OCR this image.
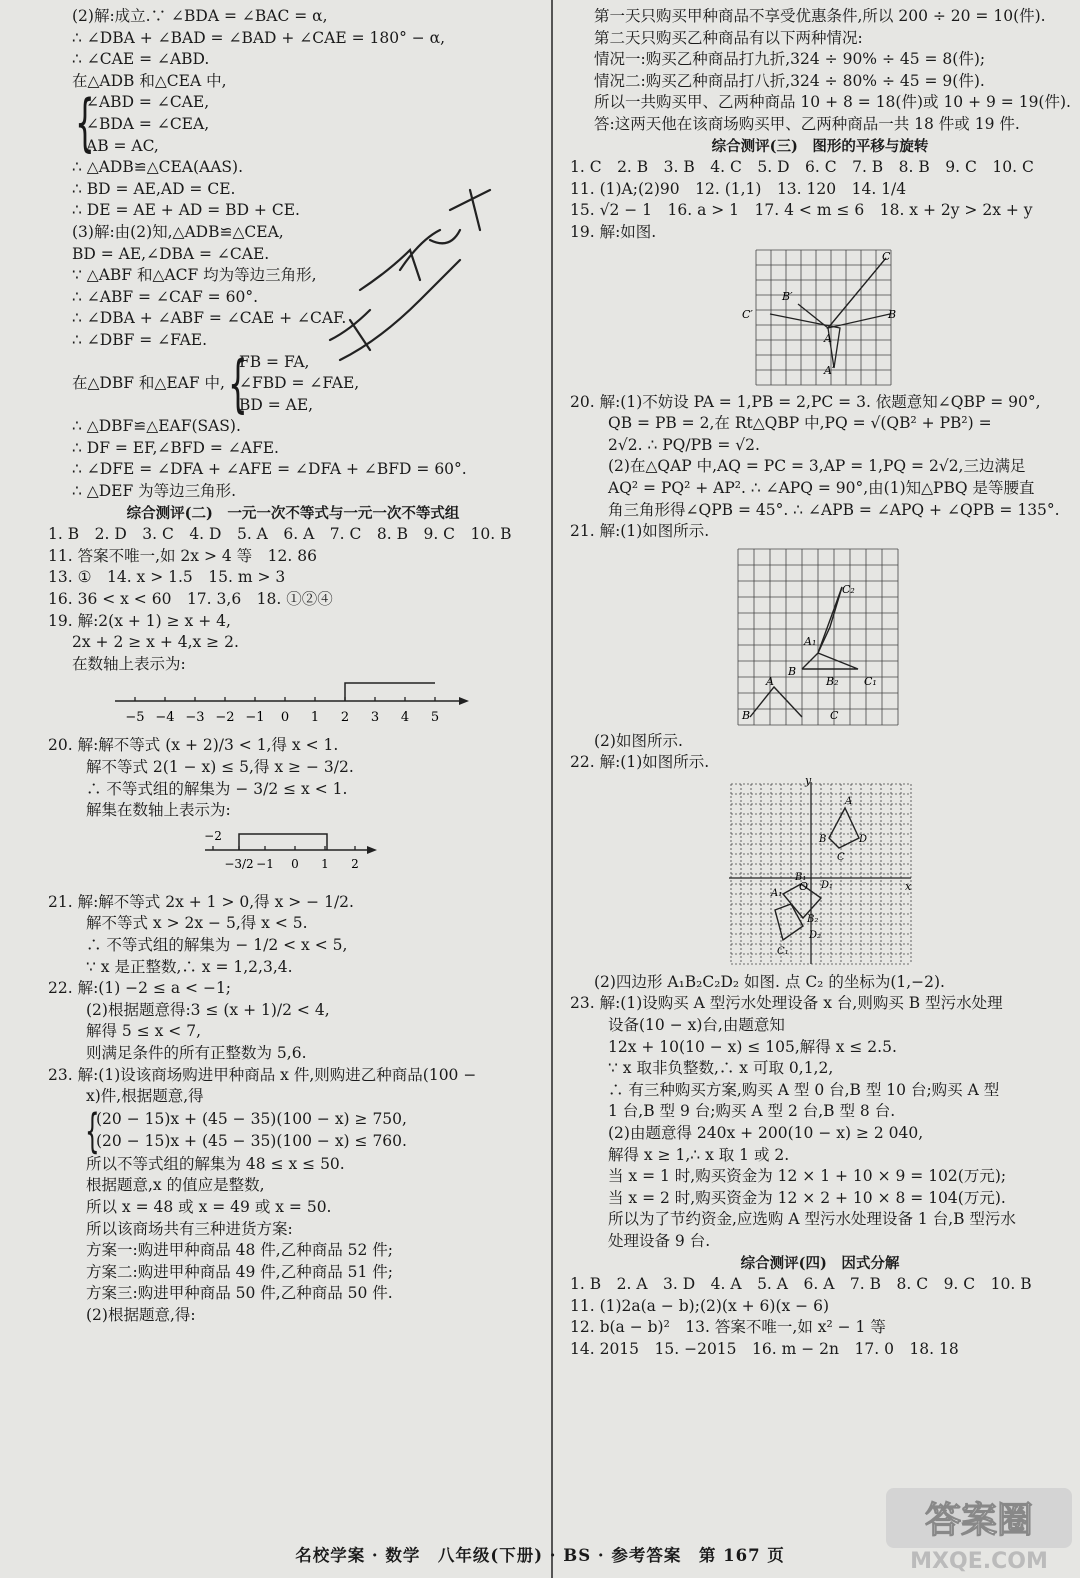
(2)解:成立.∵ ∠BDA = ∠BAC = α,
∴ ∠DBA + ∠BAD = ∠BAD + ∠CAE = 180° − α,
∴ ∠CAE = ∠ABD.
在△ADB 和△CEA 中,
{
∠ABD = ∠CAE,
∠BDA = ∠CEA,
AB = AC,
∴ △ADB≌△CEA(AAS).
∴ BD = AE,AD = CE.
∴ DE = AE + AD = BD + CE.
(3)解:由(2)知,△ADB≌△CEA,
BD = AE,∠DBA = ∠CAE.
∵ △ABF 和△ACF 均为等边三角形,
∴ ∠ABF = ∠CAF = 60°.
∴ ∠DBA + ∠ABF = ∠CAE + ∠CAF.
∴ ∠DBF = ∠FAE.
在△DBF 和△EAF 中, {
FB = FA,
∠FBD = ∠FAE,
BD = AE,
∴ △DBF≌△EAF(SAS).
∴ DF = EF,∠BFD = ∠AFE.
∴ ∠DFE = ∠DFA + ∠AFE = ∠DFA + ∠BFD = 60°.
∴ △DEF 为等边三角形.
综合测评(二)　一元一次不等式与一元一次不等式组
1. B　2. D　3. C　4. D　5. A　6. A　7. C　8. B　9. C　10. B
11. 答案不唯一,如 2x > 4 等　12. 86
13. ①　14. x > 1.5　15. m > 3
16. 36 < x < 60　17. 3,6　18. ①②④
19. 解:2(x + 1) ≥ x + 4,
2x + 2 ≥ x + 4,x ≥ 2.
在数轴上表示为:
−5 −4 −3 −2 −1 0 1 2 3 4 5
20. 解:解不等式 (x + 2)/3 < 1,得 x < 1.
解不等式 2(1 − x) ≤ 5,得 x ≥ − 3/2.
∴ 不等式组的解集为 − 3/2 ≤ x < 1.
解集在数轴上表示为:
−2
−3/2 −1 0 1 2
21. 解:解不等式 2x + 1 > 0,得 x > − 1/2.
解不等式 x > 2x − 5,得 x < 5.
∴ 不等式组的解集为 − 1/2 < x < 5,
∵ x 是正整数,∴ x = 1,2,3,4.
22. 解:(1) −2 ≤ a < −1;
(2)根据题意得:3 ≤ (x + 1)/2 < 4,
解得 5 ≤ x < 7,
则满足条件的所有正整数为 5,6.
23. 解:(1)设该商场购进甲种商品 x 件,则购进乙种商品(100 −
x)件,根据题意,得
{
(20 − 15)x + (45 − 35)(100 − x) ≥ 750,
(20 − 15)x + (45 − 35)(100 − x) ≤ 760.
所以不等式组的解集为 48 ≤ x ≤ 50.
根据题意,x 的值应是整数,
所以 x = 48 或 x = 49 或 x = 50.
所以该商场共有三种进货方案:
方案一:购进甲种商品 48 件,乙种商品 52 件;
方案二:购进甲种商品 49 件,乙种商品 51 件;
方案三:购进甲种商品 50 件,乙种商品 50 件.
(2)根据题意,得:
第一天只购买甲种商品不享受优惠条件,所以 200 ÷ 20 = 10(件).
第二天只购买乙种商品有以下两种情况:
情况一:购买乙种商品打九折,324 ÷ 90% ÷ 45 = 8(件);
情况二:购买乙种商品打八折,324 ÷ 80% ÷ 45 = 9(件).
所以一共购买甲、乙两种商品 10 + 8 = 18(件)或 10 + 9 = 19(件).
答:这两天他在该商场购买甲、乙两种商品一共 18 件或 19 件.
综合测评(三)　图形的平移与旋转
1. C　2. B　3. B　4. C　5. D　6. C　7. B　8. B　9. C　10. C
11. (1)A;(2)90　12. (1,1)　13. 120　14. 1/4
15. √2 − 1　16. a > 1　17. 4 < m ≤ 6　18. x + 2y > 2x + y
19. 解:如图.
C
B′
C′	B
A
A′
20. 解:(1)不妨设 PA = 1,PB = 2,PC = 3. 依题意知∠QBP = 90°,
QB = PB = 2,在 Rt△QBP 中,PQ = √(QB² + PB²) =
2√2. ∴ PQ/PB = √2.
(2)在△QAP 中,AQ = PC = 3,AP = 1,PQ = 2√2,三边满足
AQ² = PQ² + AP². ∴ ∠APQ = 90°,由(1)知△PBQ 是等腰直
角三角形得∠QPB = 45°. ∴ ∠APB = ∠APQ + ∠QPB = 135°.
21. 解:(1)如图所示.
C₂
A₁
B
B₂ C₁
A
B	C
(2)如图所示.
22. 解:(1)如图所示.
y
x
O
A
B
C
D
A₁
B₁
C₁
D₁
B₂
D₂
(2)四边形 A₁B₂C₂D₂ 如图. 点 C₂ 的坐标为(1,−2).
23. 解:(1)设购买 A 型污水处理设备 x 台,则购买 B 型污水处理
设备(10 − x)台,由题意知
12x + 10(10 − x) ≤ 105,解得 x ≤ 2.5.
∵ x 取非负整数,∴ x 可取 0,1,2,
∴ 有三种购买方案,购买 A 型 0 台,B 型 10 台;购买 A 型
1 台,B 型 9 台;购买 A 型 2 台,B 型 8 台.
(2)由题意得 240x + 200(10 − x) ≥ 2 040,
解得 x ≥ 1,∴ x 取 1 或 2.
当 x = 1 时,购买资金为 12 × 1 + 10 × 9 = 102(万元);
当 x = 2 时,购买资金为 12 × 2 + 10 × 8 = 104(万元).
所以为了节约资金,应选购 A 型污水处理设备 1 台,B 型污水
处理设备 9 台.
综合测评(四)　因式分解
1. B　2. A　3. D　4. A　5. A　6. A　7. B　8. C　9. C　10. B
11. (1)2a(a − b);(2)(x + 6)(x − 6)
12. b(a − b)²　13. 答案不唯一,如 x² − 1 等
14. 2015　15. −2015　16. m − 2n　17. 0　18. 18
答案圈
MXQE.COM
名校学案 · 数学　八年级(下册) · BS · 参考答案　第 167 页
